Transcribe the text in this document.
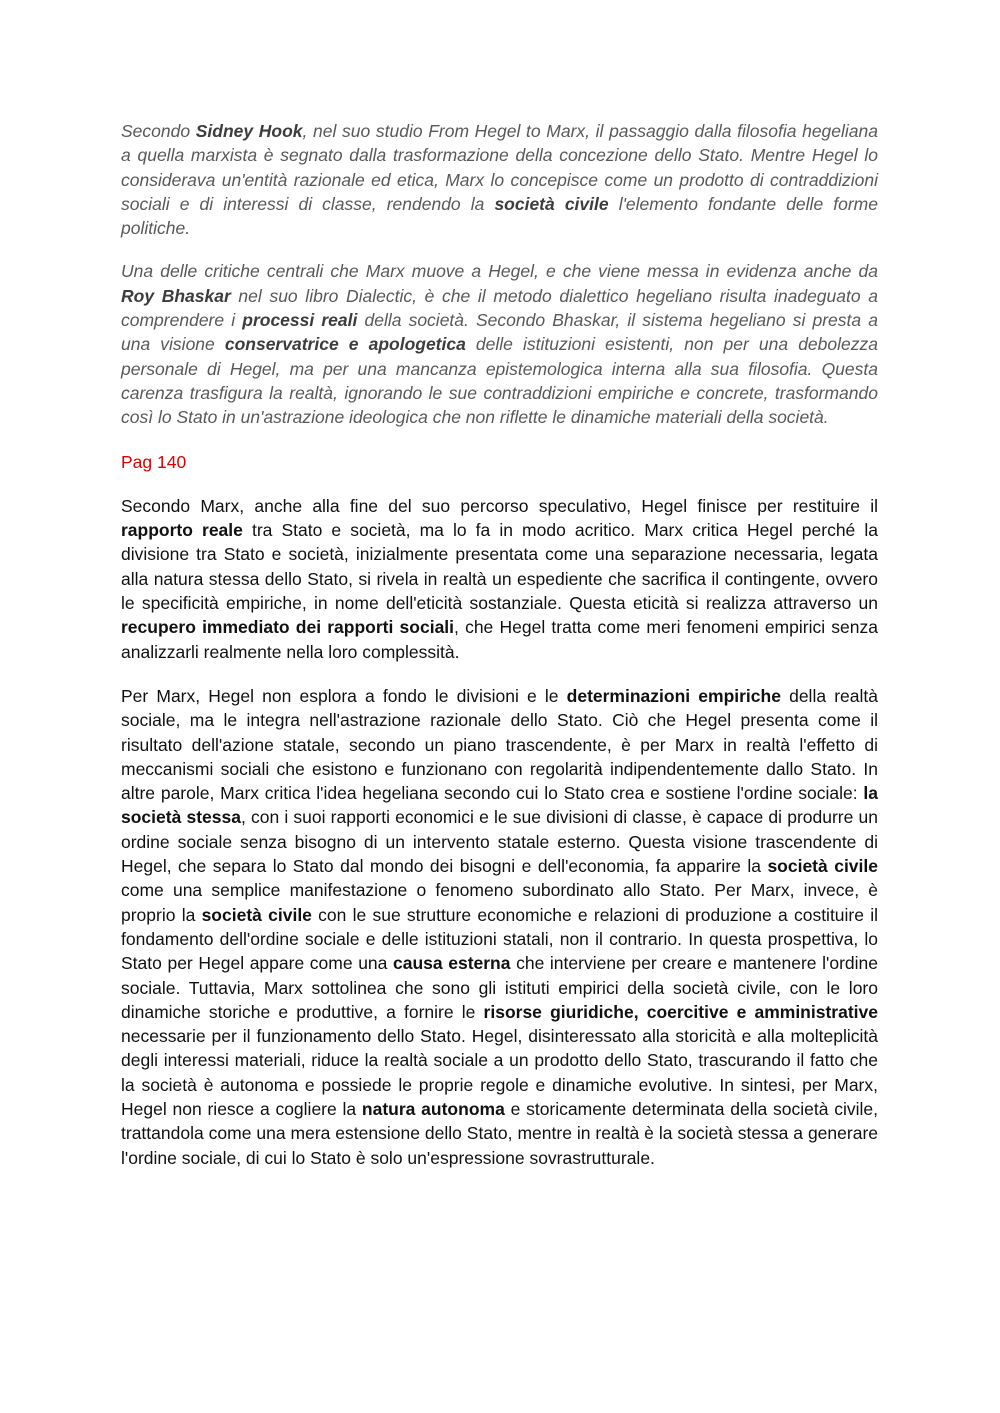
Secondo Sidney Hook, nel suo studio From Hegel to Marx, il passaggio dalla filosofia hegeliana a quella marxista è segnato dalla trasformazione della concezione dello Stato. Mentre Hegel lo considerava un'entità razionale ed etica, Marx lo concepisce come un prodotto di contraddizioni sociali e di interessi di classe, rendendo la società civile l'elemento fondante delle forme politiche.

Una delle critiche centrali che Marx muove a Hegel, e che viene messa in evidenza anche da Roy Bhaskar nel suo libro Dialectic, è che il metodo dialettico hegeliano risulta inadeguato a comprendere i processi reali della società. Secondo Bhaskar, il sistema hegeliano si presta a una visione conservatrice e apologetica delle istituzioni esistenti, non per una debolezza personale di Hegel, ma per una mancanza epistemologica interna alla sua filosofia. Questa carenza trasfigura la realtà, ignorando le sue contraddizioni empiriche e concrete, trasformando così lo Stato in un'astrazione ideologica che non riflette le dinamiche materiali della società.

Pag 140

Secondo Marx, anche alla fine del suo percorso speculativo, Hegel finisce per restituire il rapporto reale tra Stato e società, ma lo fa in modo acritico. Marx critica Hegel perché la divisione tra Stato e società, inizialmente presentata come una separazione necessaria, legata alla natura stessa dello Stato, si rivela in realtà un espediente che sacrifica il contingente, ovvero le specificità empiriche, in nome dell'eticità sostanziale. Questa eticità si realizza attraverso un recupero immediato dei rapporti sociali, che Hegel tratta come meri fenomeni empirici senza analizzarli realmente nella loro complessità.

Per Marx, Hegel non esplora a fondo le divisioni e le determinazioni empiriche della realtà sociale, ma le integra nell'astrazione razionale dello Stato. Ciò che Hegel presenta come il risultato dell'azione statale, secondo un piano trascendente, è per Marx in realtà l'effetto di meccanismi sociali che esistono e funzionano con regolarità indipendentemente dallo Stato. In altre parole, Marx critica l'idea hegeliana secondo cui lo Stato crea e sostiene l'ordine sociale: la società stessa, con i suoi rapporti economici e le sue divisioni di classe, è capace di produrre un ordine sociale senza bisogno di un intervento statale esterno. Questa visione trascendente di Hegel, che separa lo Stato dal mondo dei bisogni e dell'economia, fa apparire la società civile come una semplice manifestazione o fenomeno subordinato allo Stato. Per Marx, invece, è proprio la società civile con le sue strutture economiche e relazioni di produzione a costituire il fondamento dell'ordine sociale e delle istituzioni statali, non il contrario. In questa prospettiva, lo Stato per Hegel appare come una causa esterna che interviene per creare e mantenere l'ordine sociale. Tuttavia, Marx sottolinea che sono gli istituti empirici della società civile, con le loro dinamiche storiche e produttive, a fornire le risorse giuridiche, coercitive e amministrative necessarie per il funzionamento dello Stato. Hegel, disinteressato alla storicità e alla molteplicità degli interessi materiali, riduce la realtà sociale a un prodotto dello Stato, trascurando il fatto che la società è autonoma e possiede le proprie regole e dinamiche evolutive. In sintesi, per Marx, Hegel non riesce a cogliere la natura autonoma e storicamente determinata della società civile, trattandola come una mera estensione dello Stato, mentre in realtà è la società stessa a generare l'ordine sociale, di cui lo Stato è solo un'espressione sovrastrutturale.
